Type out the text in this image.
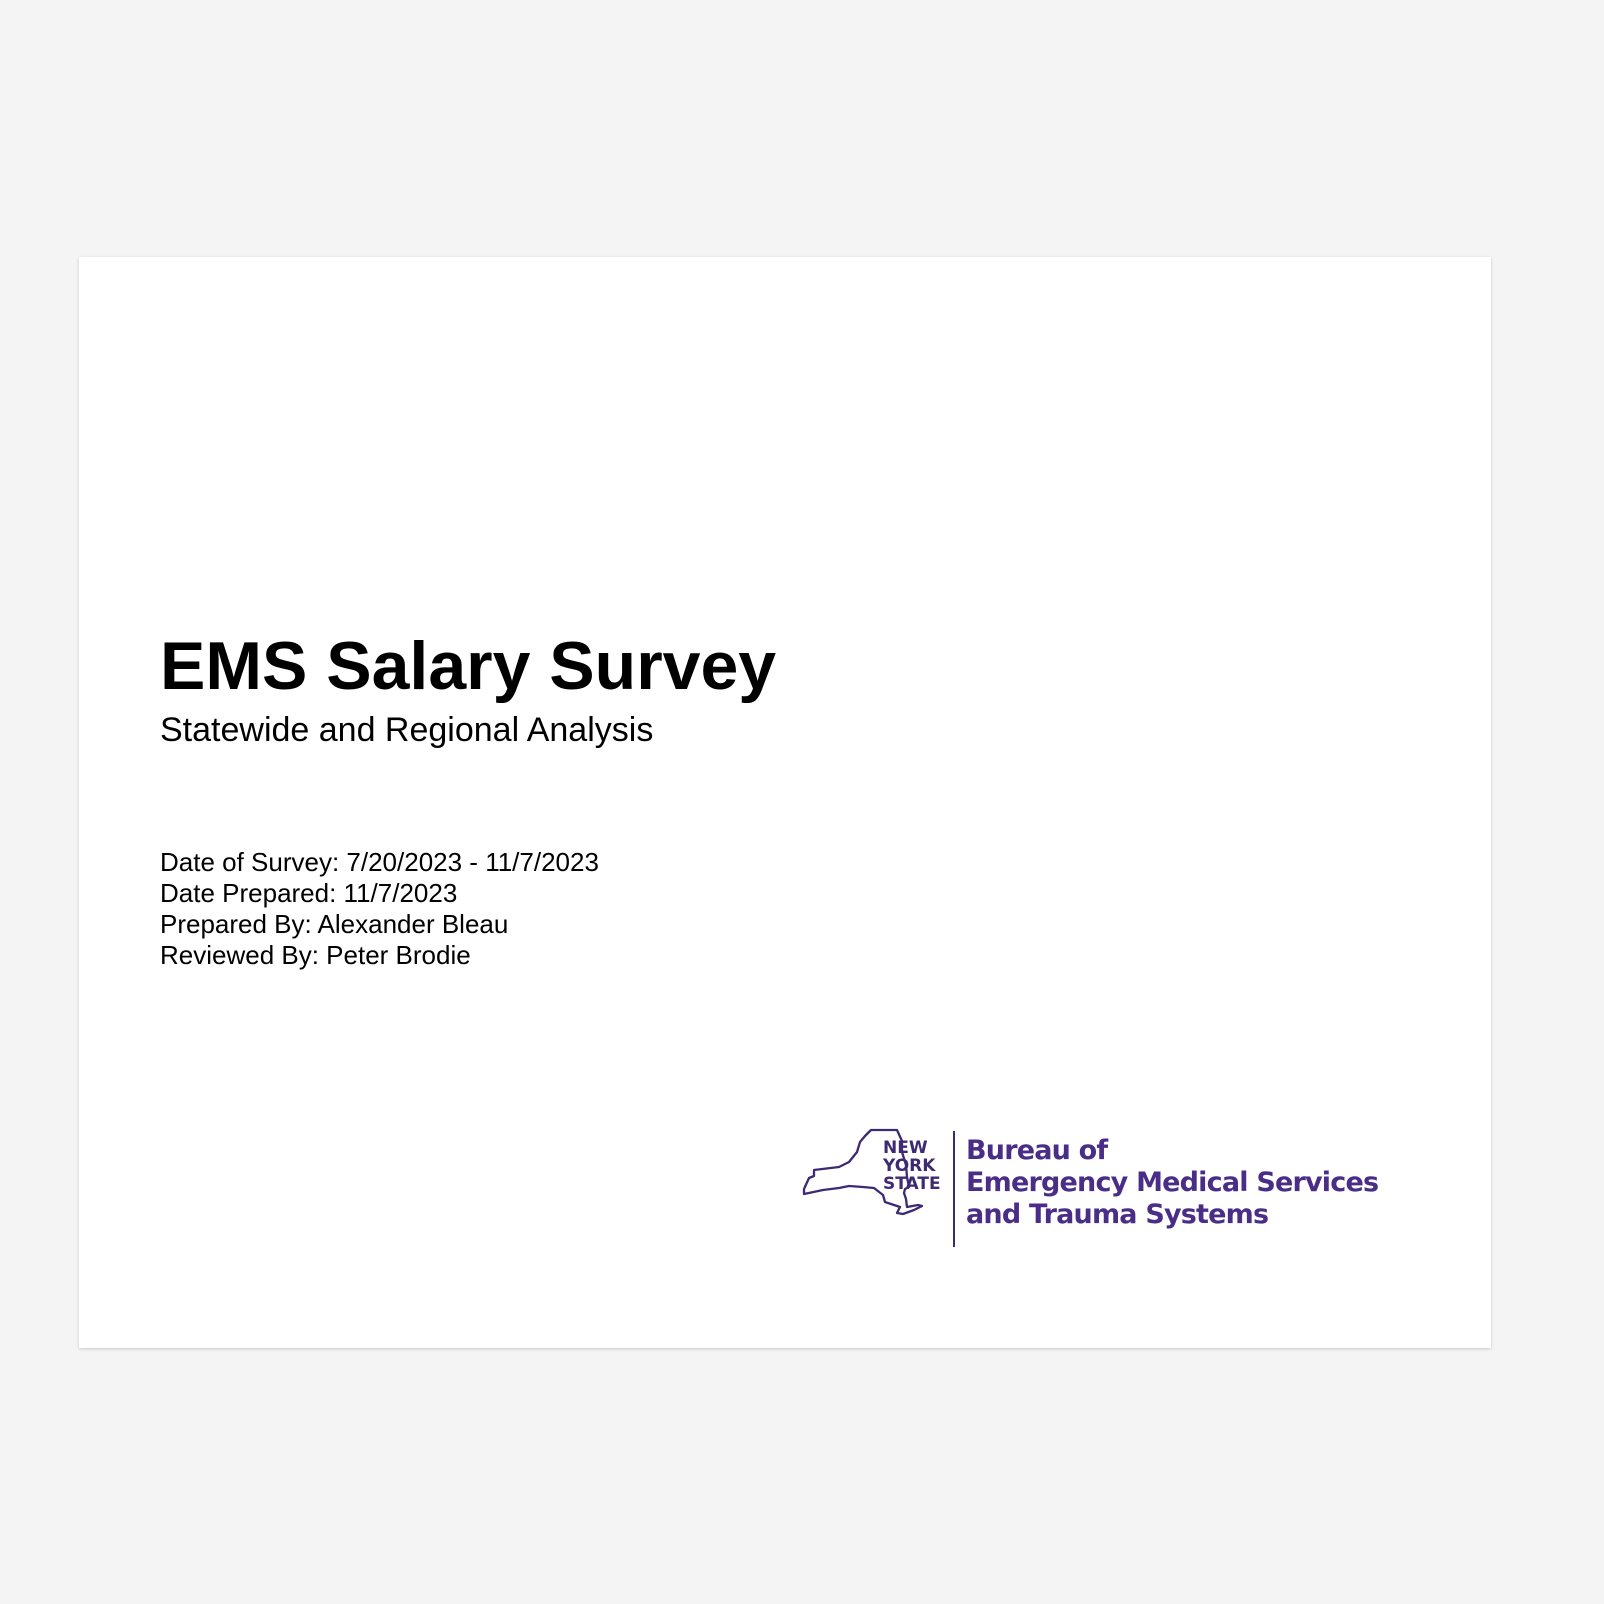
EMS Salary Survey
Statewide and Regional Analysis
Date of Survey: 7/20/2023 - 11/7/2023
Date Prepared: 11/7/2023
Prepared By: Alexander Bleau
Reviewed By: Peter Brodie
NEW
YORK
STATE
Bureau of
Emergency Medical Services
and Trauma Systems
